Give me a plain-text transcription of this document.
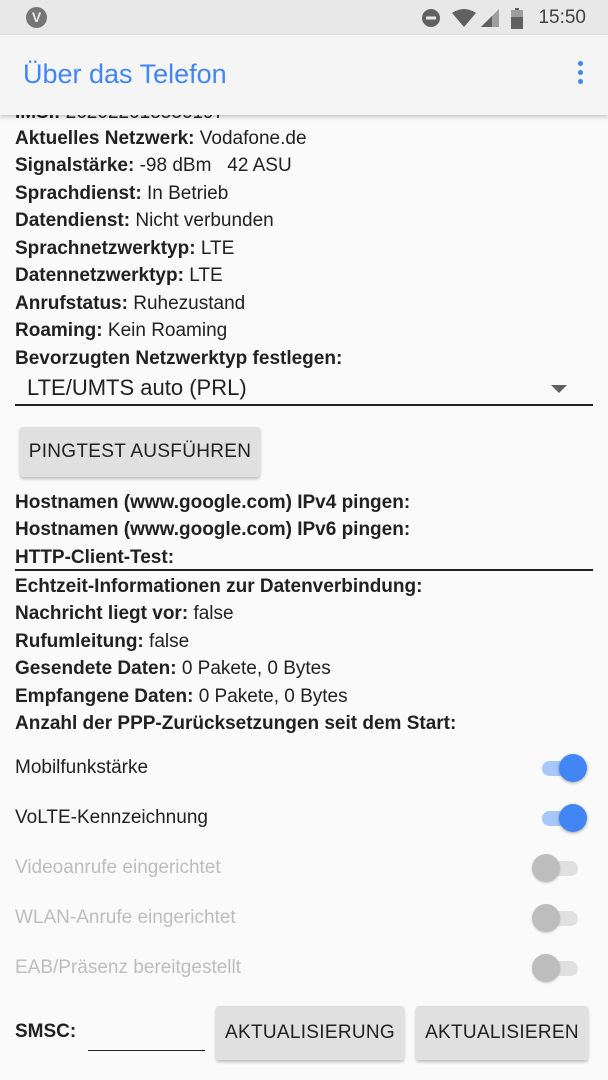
V	15:50
Über das Telefon
Aktuelles Netzwerk: Vodafone.de
Signalstärke: -98 dBm   42 ASU
Sprachdienst: In Betrieb
Datendienst: Nicht verbunden
Sprachnetzwerktyp: LTE
Datennetzwerktyp: LTE
Anrufstatus: Ruhezustand
Roaming: Kein Roaming
Bevorzugten Netzwerktyp festlegen:
LTE/UMTS auto (PRL)
PINGTEST AUSFÜHREN
Hostnamen (www.google.com) IPv4 pingen:
Hostnamen (www.google.com) IPv6 pingen:
HTTP-Client-Test:
Echtzeit-Informationen zur Datenverbindung:
Nachricht liegt vor: false
Rufumleitung: false
Gesendete Daten: 0 Pakete, 0 Bytes
Empfangene Daten: 0 Pakete, 0 Bytes
Anzahl der PPP-Zurücksetzungen seit dem Start:
Mobilfunkstärke
VoLTE-Kennzeichnung
Videoanrufe eingerichtet
WLAN-Anrufe eingerichtet
EAB/Präsenz bereitgestellt
SMSC:	AKTUALISIERUNG	AKTUALISIEREN
